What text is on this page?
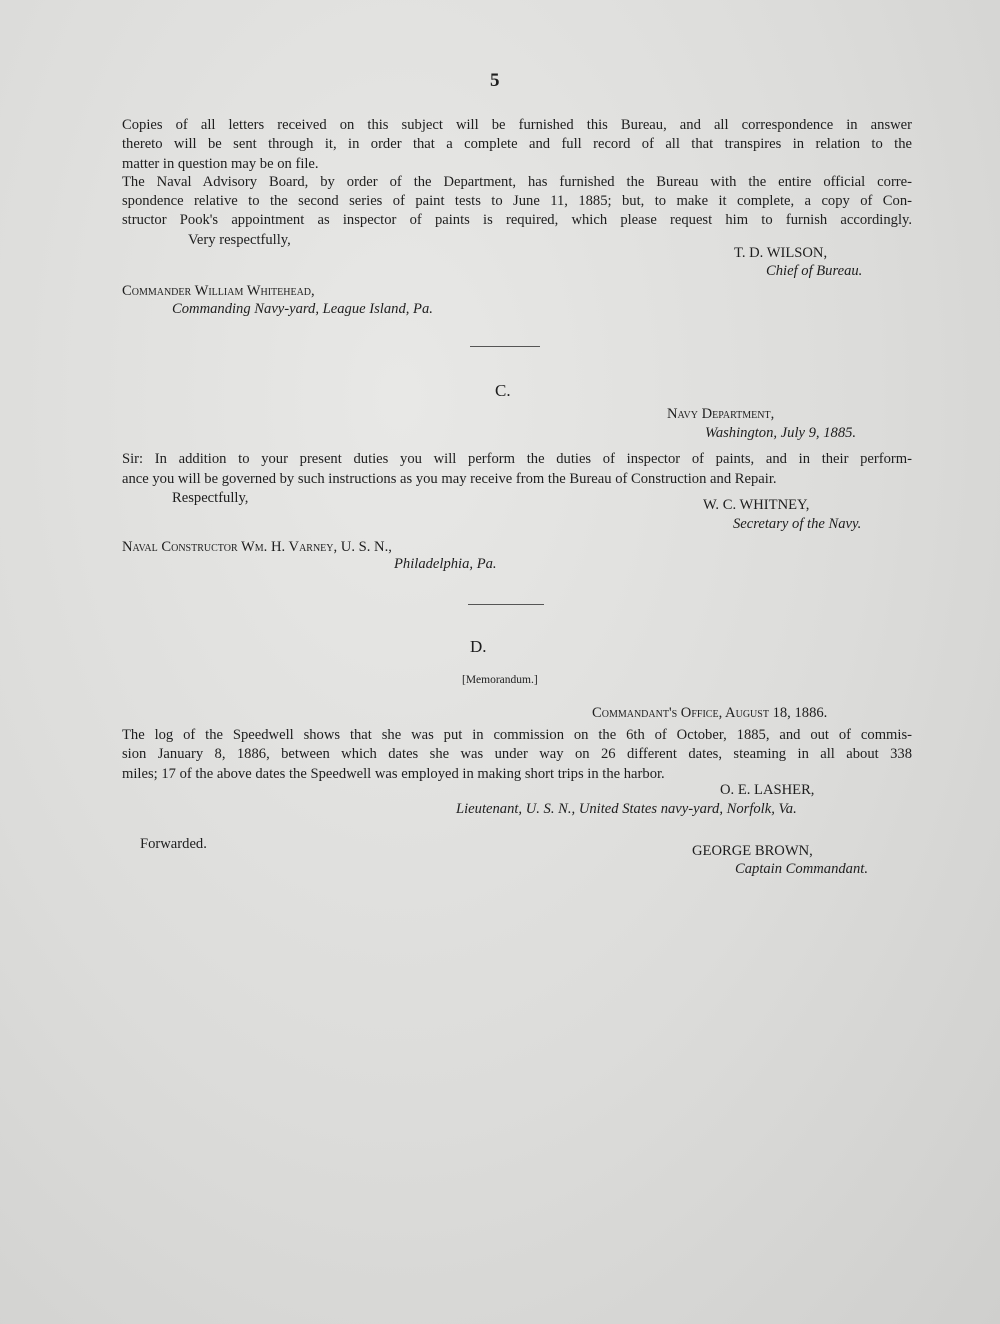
5
Copies of all letters received on this subject will be furnished this Bureau, and all correspondence in answer
thereto will be sent through it, in order that a complete and full record of all that transpires in relation to the
matter in question may be on file.
The Naval Advisory Board, by order of the Department, has furnished the Bureau with the entire official corre-
spondence relative to the second series of paint tests to June 11, 1885; but, to make it complete, a copy of Con-
structor Pook's appointment as inspector of paints is required, which please request him to furnish accordingly.
Very respectfully,
T. D. WILSON,
Chief of Bureau.
Commander William Whitehead,
Commanding Navy-yard, League Island, Pa.
C.
Navy Department,
Washington, July 9, 1885.
Sir: In addition to your present duties you will perform the duties of inspector of paints, and in their perform-
ance you will be governed by such instructions as you may receive from the Bureau of Construction and Repair.
Respectfully,	W. C. WHITNEY,
Secretary of the Navy.
Naval Constructor Wm. H. Varney, U. S. N.,
Philadelphia, Pa.
D.
[Memorandum.]
Commandant's Office, August 18, 1886.
The log of the Speedwell shows that she was put in commission on the 6th of October, 1885, and out of commis-
sion January 8, 1886, between which dates she was under way on 26 different dates, steaming in all about 338
miles; 17 of the above dates the Speedwell was employed in making short trips in the harbor.
O. E. LASHER,
Lieutenant, U. S. N., United States navy-yard, Norfolk, Va.
Forwarded.	GEORGE BROWN,
Captain Commandant.
